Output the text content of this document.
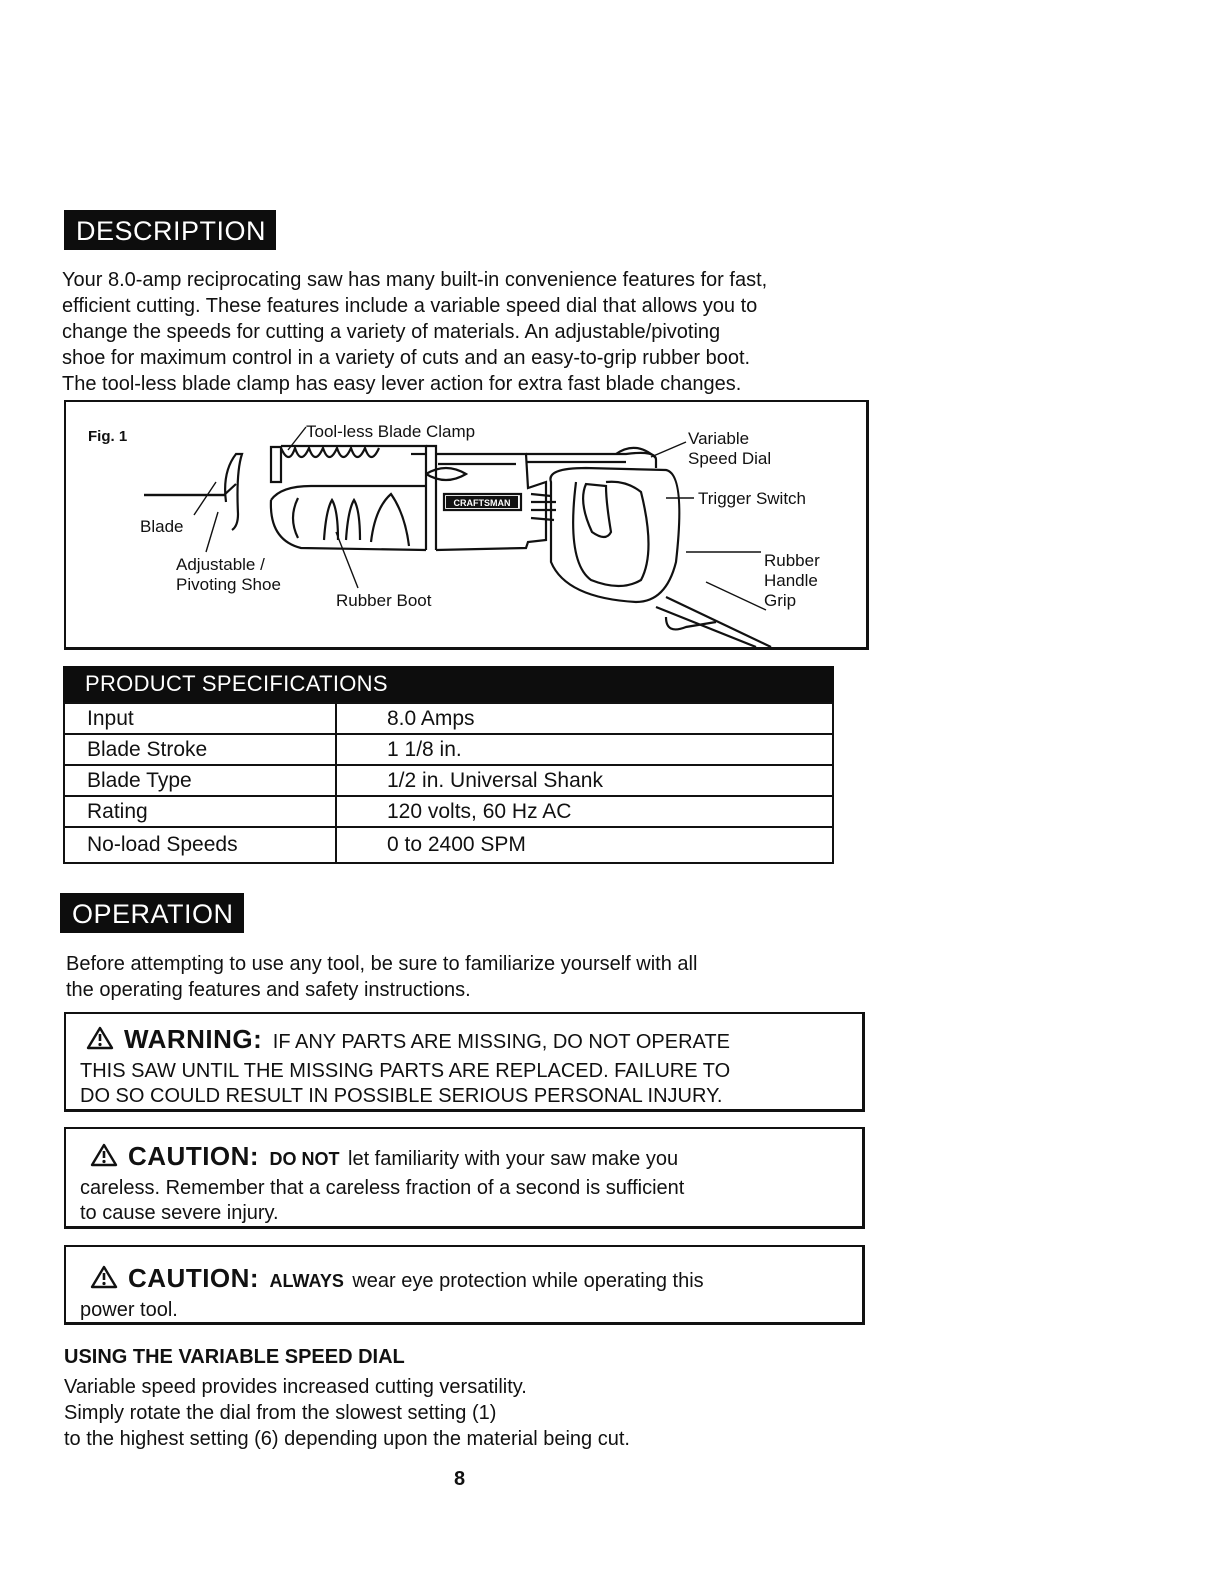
DESCRIPTION
Your 8.0-amp reciprocating saw has many built-in convenience features for fast,
efficient cutting. These features include a variable speed dial that allows you to
change the speeds for cutting a variety of materials. An adjustable/pivoting
shoe for maximum control in a variety of cuts and an easy-to-grip rubber boot.
The tool-less blade clamp has easy lever action for extra fast blade changes.
Fig. 1
CRAFTSMAN
Tool-less Blade Clamp	Variable
Speed Dial
Trigger Switch
Blade
Adjustable /
Pivoting Shoe
Rubber Boot
Rubber
Handle
Grip
PRODUCT SPECIFICATIONS
Input	8.0 Amps
Blade Stroke	1 1/8 in.
Blade Type	1/2 in. Universal Shank
Rating	120 volts, 60 Hz AC
No-load Speeds	0 to 2400 SPM
OPERATION
Before attempting to use any tool, be sure to familiarize yourself with all
the operating features and safety instructions.
WARNING: IF ANY PARTS ARE MISSING, DO NOT OPERATE
THIS SAW UNTIL THE MISSING PARTS ARE REPLACED. FAILURE TO
DO SO COULD RESULT IN POSSIBLE SERIOUS PERSONAL INJURY.
CAUTION: DO NOT let familiarity with your saw make you
careless. Remember that a careless fraction of a second is sufficient
to cause severe injury.
CAUTION: ALWAYS wear eye protection while operating this
power tool.
USING THE VARIABLE SPEED DIAL
Variable speed provides increased cutting versatility.
Simply rotate the dial from the slowest setting (1)
to the highest setting (6) depending upon the material being cut.
8
